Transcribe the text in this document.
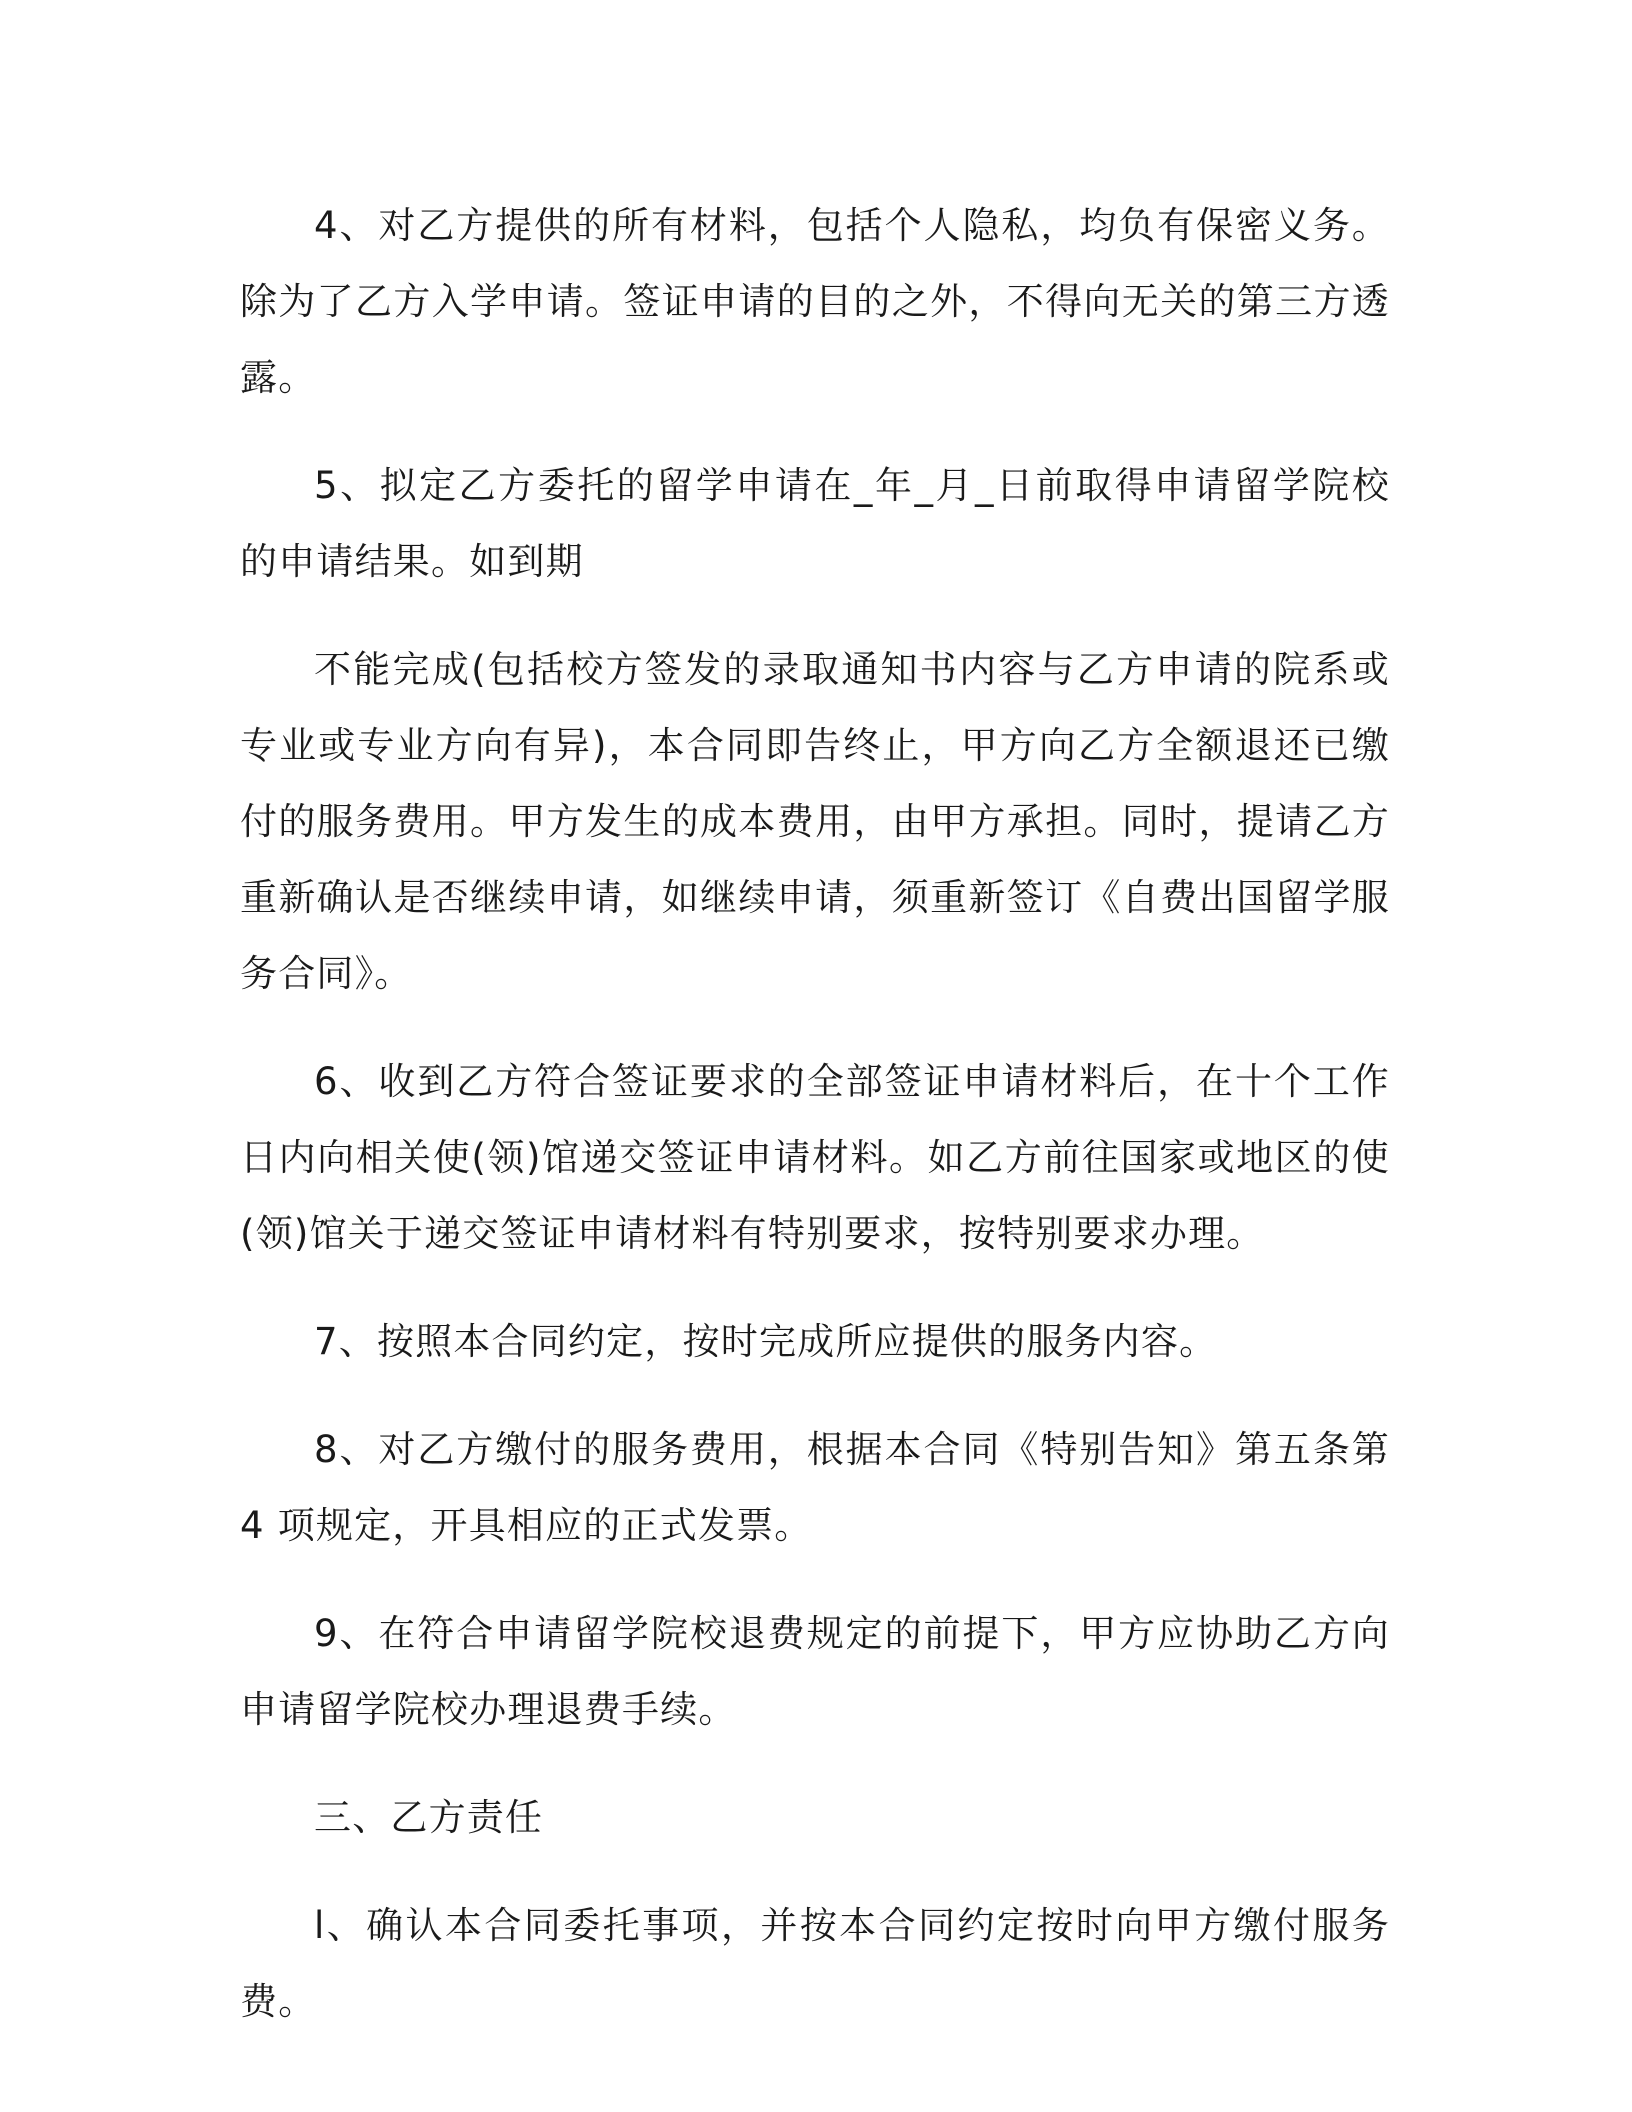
4、对乙方提供的所有材料，包括个人隐私，均负有保密义务。除为了乙方入学申请。签证申请的目的之外，不得向无关的第三方透露。

5、拟定乙方委托的留学申请在_年_月_日前取得申请留学院校的申请结果。如到期

不能完成(包括校方签发的录取通知书内容与乙方申请的院系或专业或专业方向有异)，本合同即告终止，甲方向乙方全额退还已缴付的服务费用。甲方发生的成本费用，由甲方承担。同时，提请乙方重新确认是否继续申请，如继续申请，须重新签订《自费出国留学服务合同》。

6、收到乙方符合签证要求的全部签证申请材料后，在十个工作日内向相关使(领)馆递交签证申请材料。如乙方前往国家或地区的使(领)馆关于递交签证申请材料有特别要求，按特别要求办理。

7、按照本合同约定，按时完成所应提供的服务内容。

8、对乙方缴付的服务费用，根据本合同《特别告知》第五条第 4 项规定，开具相应的正式发票。

9、在符合申请留学院校退费规定的前提下，甲方应协助乙方向申请留学院校办理退费手续。

三、乙方责任

l、确认本合同委托事项，并按本合同约定按时向甲方缴付服务费。
